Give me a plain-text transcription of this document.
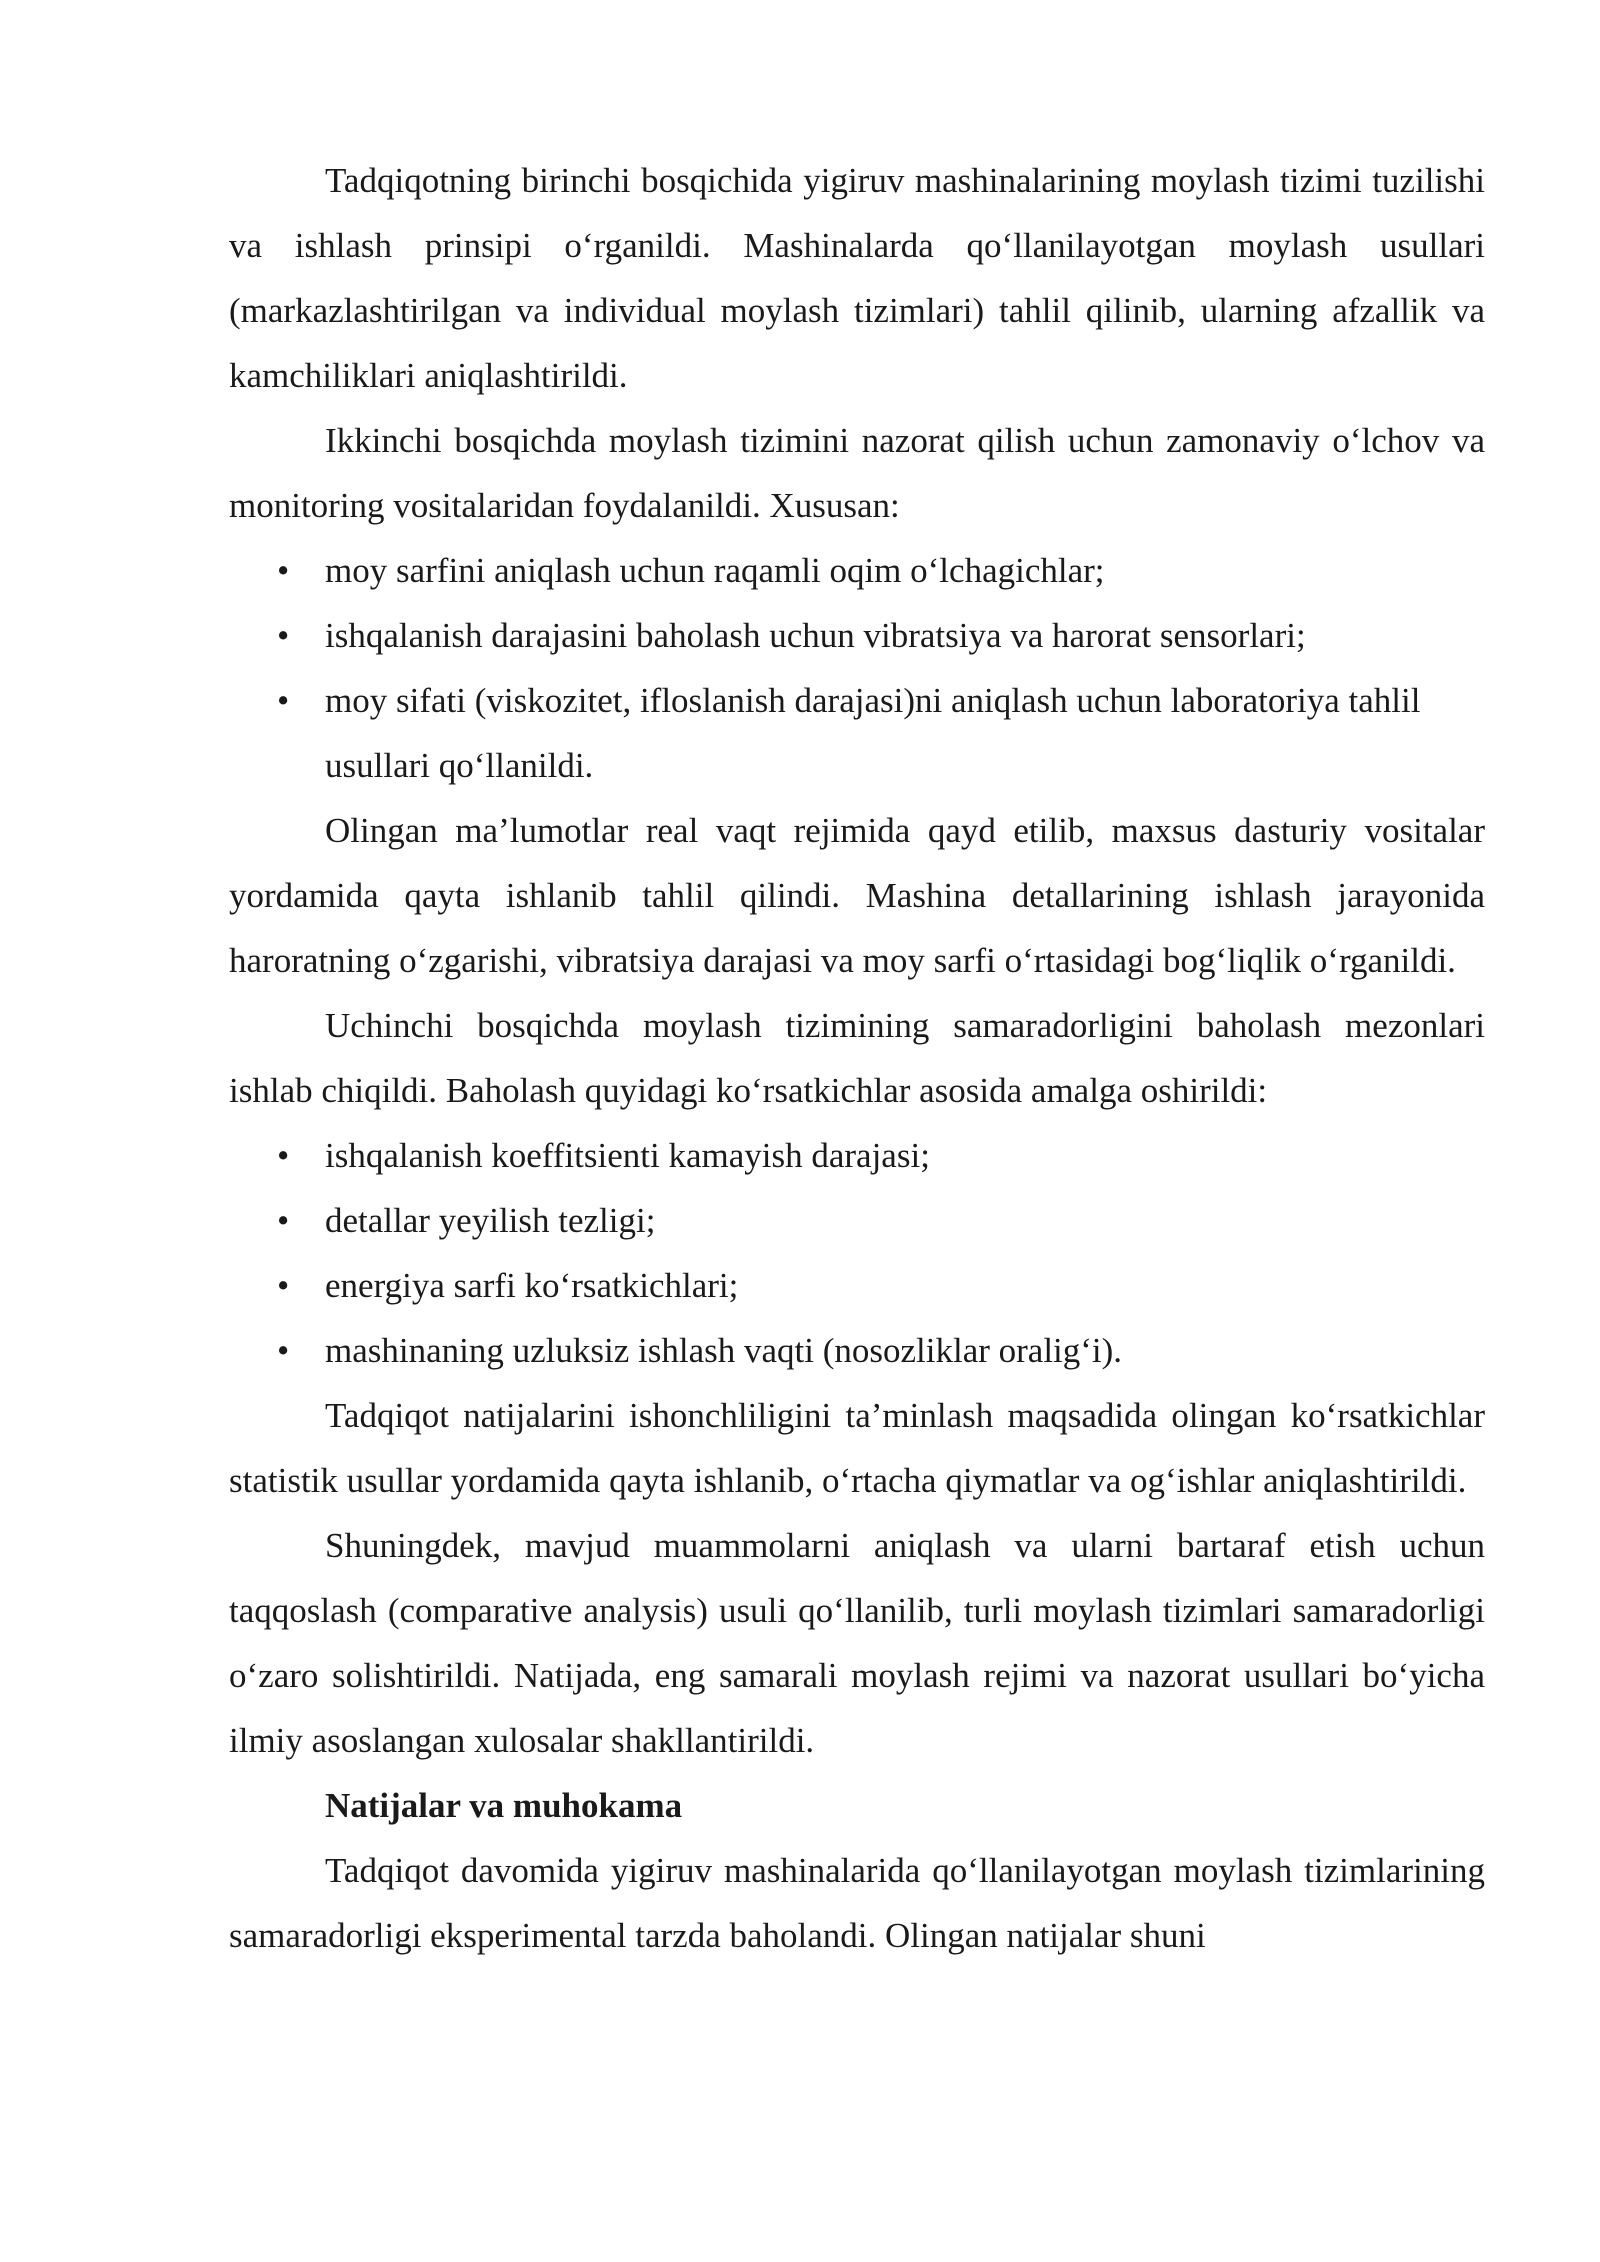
Tadqiqotning birinchi bosqichida yigiruv mashinalarining moylash tizimi tuzilishi va ishlash prinsipi o‘rganildi. Mashinalarda qo‘llanilayotgan moylash usullari (markazlashtirilgan va individual moylash tizimlari) tahlil qilinib, ularning afzallik va kamchiliklari aniqlashtirildi.

Ikkinchi bosqichda moylash tizimini nazorat qilish uchun zamonaviy o‘lchov va monitoring vositalaridan foydalanildi. Xususan:

• moy sarfini aniqlash uchun raqamli oqim o‘lchagichlar;
• ishqalanish darajasini baholash uchun vibratsiya va harorat sensorlari;
• moy sifati (viskozitet, ifloslanish darajasi)ni aniqlash uchun laboratoriya tahlil usullari qo‘llanildi.

Olingan ma’lumotlar real vaqt rejimida qayd etilib, maxsus dasturiy vositalar yordamida qayta ishlanib tahlil qilindi. Mashina detallarining ishlash jarayonida haroratning o‘zgarishi, vibratsiya darajasi va moy sarfi o‘rtasidagi bog‘liqlik o‘rganildi.

Uchinchi bosqichda moylash tizimining samaradorligini baholash mezonlari ishlab chiqildi. Baholash quyidagi ko‘rsatkichlar asosida amalga oshirildi:

• ishqalanish koeffitsienti kamayish darajasi;
• detallar yeyilish tezligi;
• energiya sarfi ko‘rsatkichlari;
• mashinaning uzluksiz ishlash vaqti (nosozliklar oralig‘i).

Tadqiqot natijalarini ishonchliligini ta’minlash maqsadida olingan ko‘rsatkichlar statistik usullar yordamida qayta ishlanib, o‘rtacha qiymatlar va og‘ishlar aniqlashtirildi.

Shuningdek, mavjud muammolarni aniqlash va ularni bartaraf etish uchun taqqoslash (comparative analysis) usuli qo‘llanilib, turli moylash tizimlari samaradorligi o‘zaro solishtirildi. Natijada, eng samarali moylash rejimi va nazorat usullari bo‘yicha ilmiy asoslangan xulosalar shakllantirildi.

Natijalar va muhokama

Tadqiqot davomida yigiruv mashinalarida qo‘llanilayotgan moylash tizimlarining samaradorligi eksperimental tarzda baholandi. Olingan natijalar shuni
